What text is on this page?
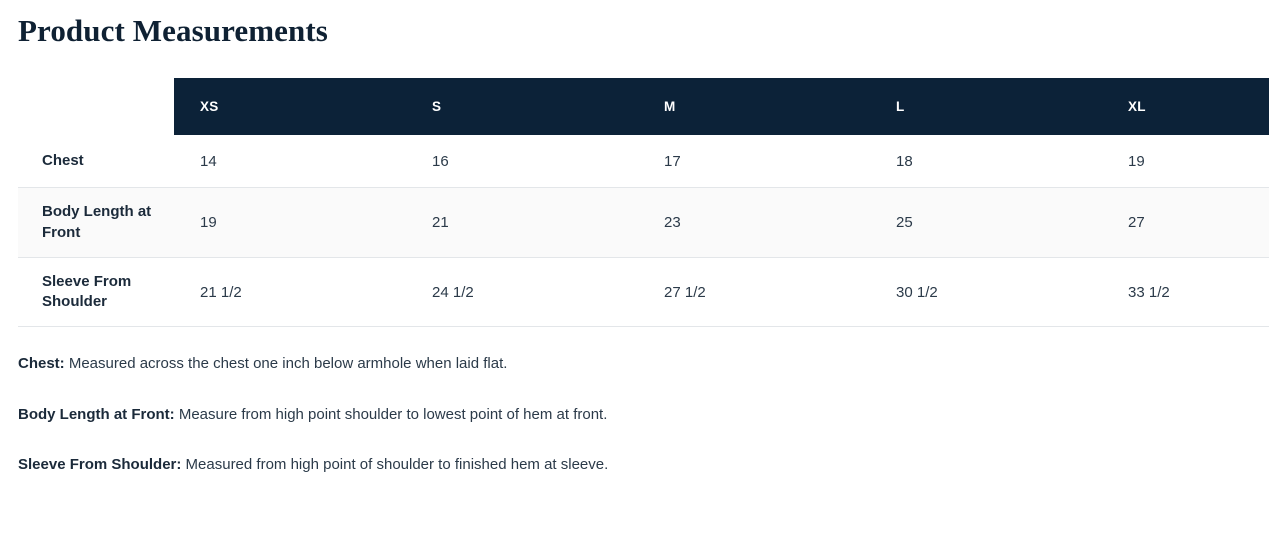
Product Measurements
	XS	S	M	L	XL
Chest	14	16	17	18	19
Body Length at Front	19	21	23	25	27
Sleeve From Shoulder	21 1/2	24 1/2	27 1/2	30 1/2	33 1/2

Chest: Measured across the chest one inch below armhole when laid flat.

Body Length at Front: Measure from high point shoulder to lowest point of hem at front.

Sleeve From Shoulder: Measured from high point of shoulder to finished hem at sleeve.
